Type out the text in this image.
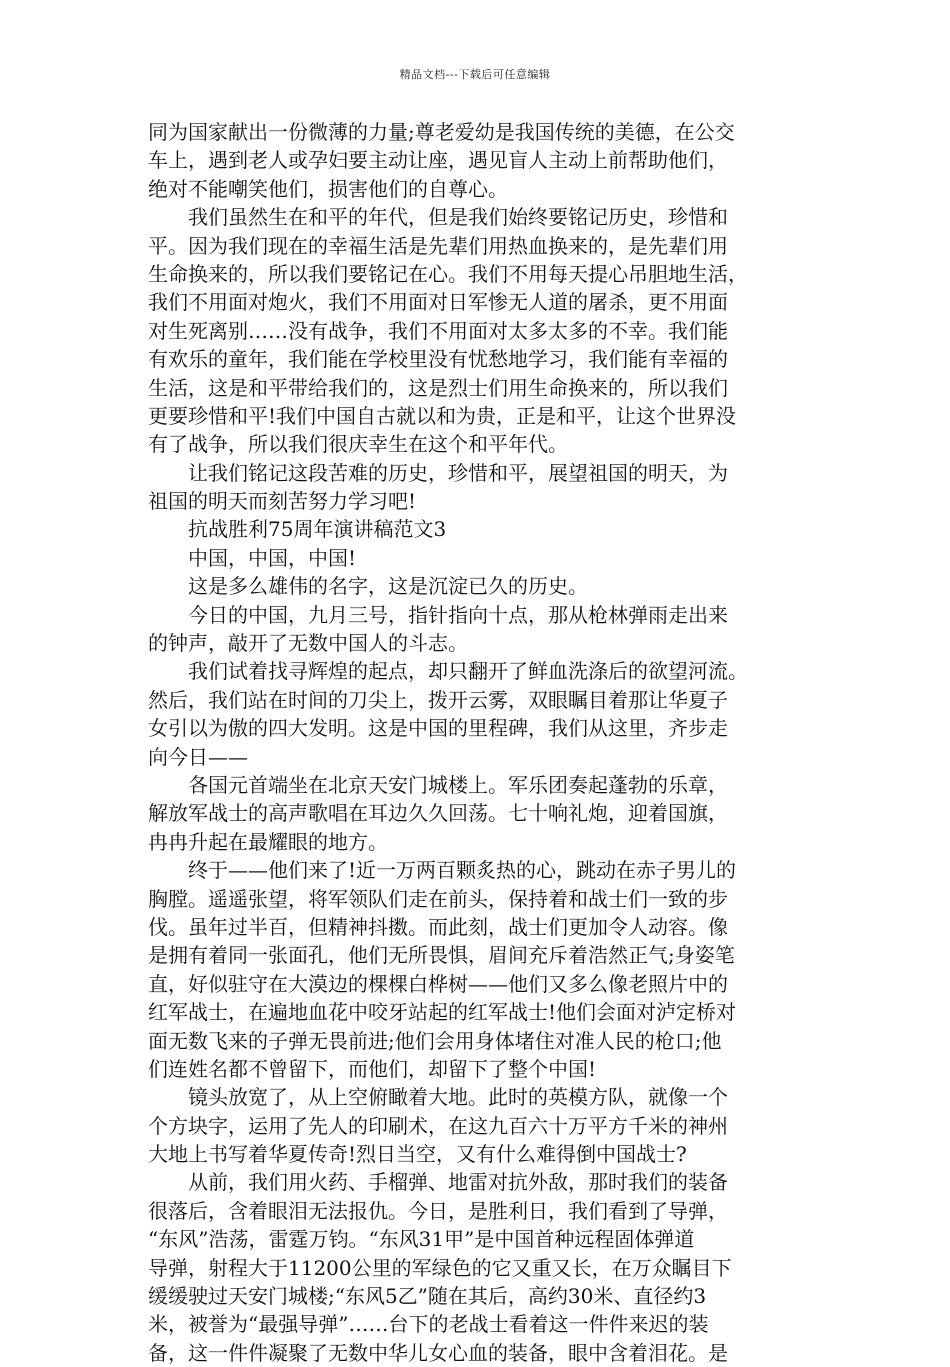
精品文档---下载后可任意编辑
同为国家献出一份微薄的力量;尊老爱幼是我国传统的美德，在公交
车上，遇到老人或孕妇要主动让座，遇见盲人主动上前帮助他们，
绝对不能嘲笑他们，损害他们的自尊心。
我们虽然生在和平的年代，但是我们始终要铭记历史，珍惜和
平。因为我们现在的幸福生活是先辈们用热血换来的，是先辈们用
生命换来的，所以我们要铭记在心。我们不用每天提心吊胆地生活，
我们不用面对炮火，我们不用面对日军惨无人道的屠杀，更不用面
对生死离别……没有战争，我们不用面对太多太多的不幸。我们能
有欢乐的童年，我们能在学校里没有忧愁地学习，我们能有幸福的
生活，这是和平带给我们的，这是烈士们用生命换来的，所以我们
更要珍惜和平!我们中国自古就以和为贵，正是和平，让这个世界没
有了战争，所以我们很庆幸生在这个和平年代。
让我们铭记这段苦难的历史，珍惜和平，展望祖国的明天，为
祖国的明天而刻苦努力学习吧!
抗战胜利75周年演讲稿范文3
中国，中国，中国!
这是多么雄伟的名字，这是沉淀已久的历史。
今日的中国，九月三号，指针指向十点，那从枪林弹雨走出来
的钟声，敲开了无数中国人的斗志。
我们试着找寻辉煌的起点，却只翻开了鲜血洗涤后的欲望河流。
然后，我们站在时间的刀尖上，拨开云雾，双眼瞩目着那让华夏子
女引以为傲的四大发明。这是中国的里程碑，我们从这里，齐步走
向今日——
各国元首端坐在北京天安门城楼上。军乐团奏起蓬勃的乐章，
解放军战士的高声歌唱在耳边久久回荡。七十响礼炮，迎着国旗，
冉冉升起在最耀眼的地方。
终于——他们来了!近一万两百颗炙热的心，跳动在赤子男儿的
胸膛。遥遥张望，将军领队们走在前头，保持着和战士们一致的步
伐。虽年过半百，但精神抖擞。而此刻，战士们更加令人动容。像
是拥有着同一张面孔，他们无所畏惧，眉间充斥着浩然正气;身姿笔
直，好似驻守在大漠边的棵棵白桦树——他们又多么像老照片中的
红军战士，在遍地血花中咬牙站起的红军战士!他们会面对泸定桥对
面无数飞来的子弹无畏前进;他们会用身体堵住对准人民的枪口;他
们连姓名都不曾留下，而他们，却留下了整个中国!
镜头放宽了，从上空俯瞰着大地。此时的英模方队，就像一个
个方块字，运用了先人的印刷术，在这九百六十万平方千米的神州
大地上书写着华夏传奇!烈日当空，又有什么难得倒中国战士?
从前，我们用火药、手榴弹、地雷对抗外敌，那时我们的装备
很落后，含着眼泪无法报仇。今日，是胜利日，我们看到了导弹，
“东风”浩荡，雷霆万钧。“东风31甲”是中国首种远程固体弹道
导弹，射程大于11200公里的军绿色的它又重又长，在万众瞩目下
缓缓驶过天安门城楼;“东风5乙”随在其后，高约30米、直径约3
米，被誉为“最强导弹”……台下的老战士看着这一件件来迟的装
备，这一件件凝聚了无数中华儿女心血的装备，眼中含着泪花。是
